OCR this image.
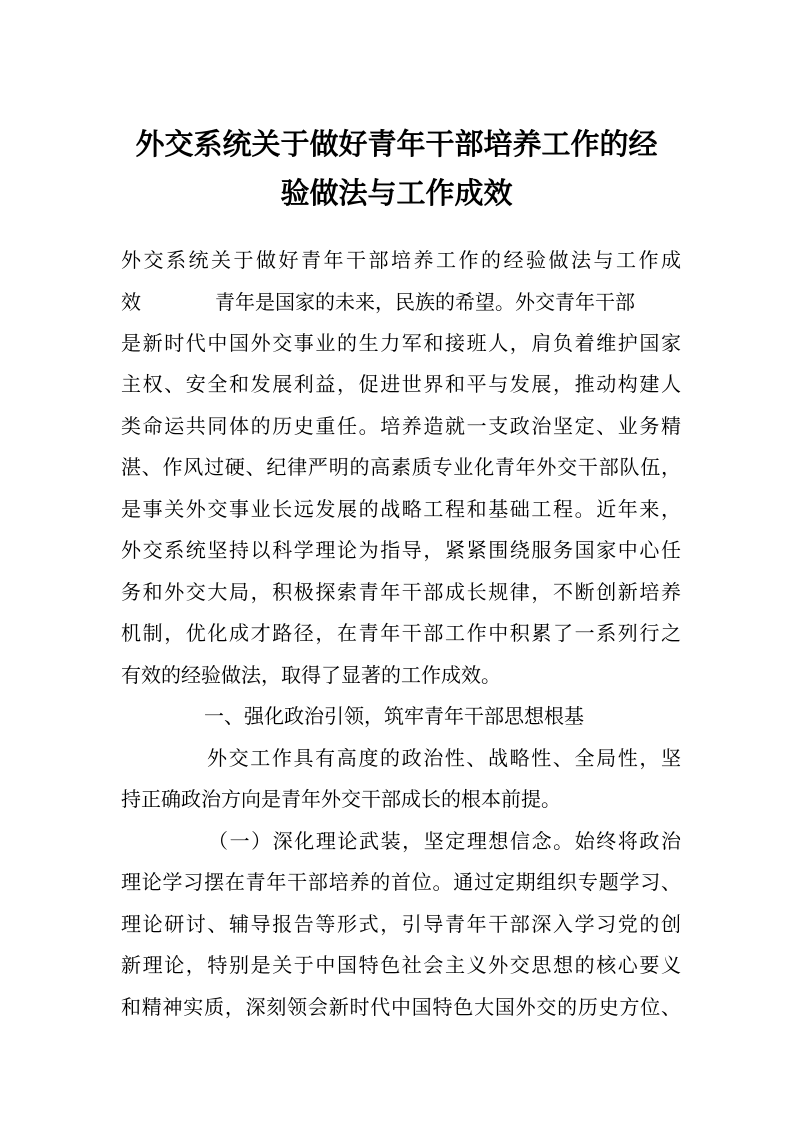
外交系统关于做好青年干部培养工作的经
验做法与工作成效

外交系统关于做好青年干部培养工作的经验做法与工作成

效	青年是国家的未来，民族的希望。外交青年干部

是新时代中国外交事业的生力军和接班人，肩负着维护国家

主权、安全和发展利益，促进世界和平与发展，推动构建人

类命运共同体的历史重任。培养造就一支政治坚定、业务精

湛、作风过硬、纪律严明的高素质专业化青年外交干部队伍，

是事关外交事业长远发展的战略工程和基础工程。近年来，

外交系统坚持以科学理论为指导，紧紧围绕服务国家中心任

务和外交大局，积极探索青年干部成长规律，不断创新培养

机制，优化成才路径，在青年干部工作中积累了一系列行之

有效的经验做法，取得了显著的工作成效。

一、强化政治引领，筑牢青年干部思想根基

外交工作具有高度的政治性、战略性、全局性，坚

持正确政治方向是青年外交干部成长的根本前提。

（一）深化理论武装，坚定理想信念。始终将政治

理论学习摆在青年干部培养的首位。通过定期组织专题学习、

理论研讨、辅导报告等形式，引导青年干部深入学习党的创

新理论，特别是关于中国特色社会主义外交思想的核心要义

和精神实质，深刻领会新时代中国特色大国外交的历史方位、
